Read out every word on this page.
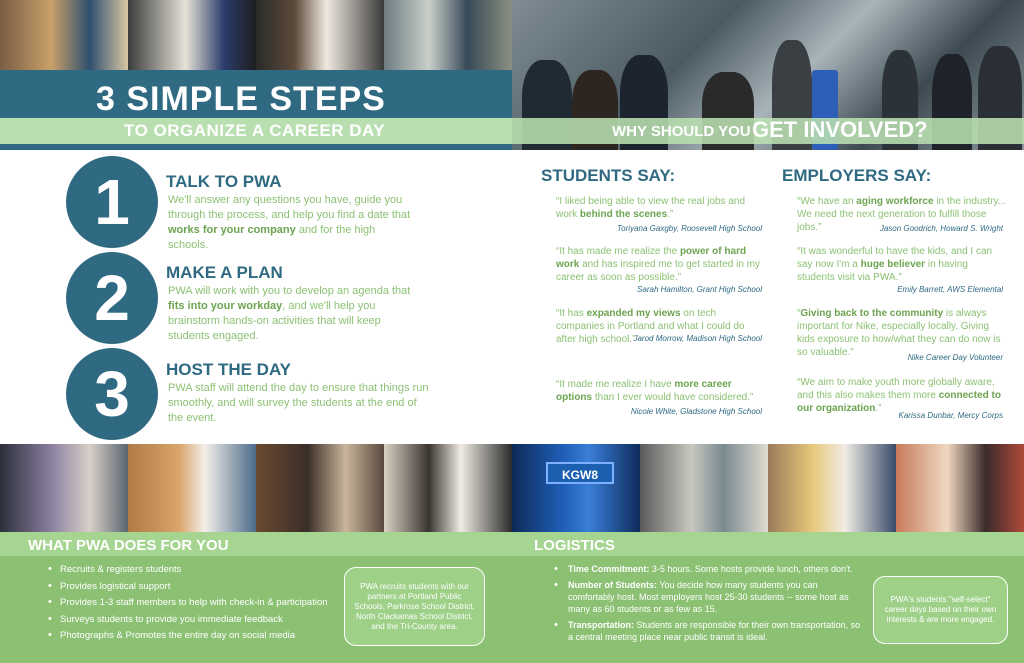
3 SIMPLE STEPS
TO ORGANIZE A CAREER DAY	WHY SHOULD YOU GET INVOLVED?
1	TALK TO PWA
We'll answer any questions you have, guide you through the process, and help you find a date that works for your company and for the high schools.
2	MAKE A PLAN
PWA will work with you to develop an agenda that fits into your workday, and we'll help you brainstorm hands-on activities that will keep students engaged.
3	HOST THE DAY
PWA staff will attend the day to ensure that things run smoothly, and will survey the students at the end of the event.
STUDENTS SAY:
“I liked being able to view the real jobs and work behind the scenes.”
Toriyana Gaxgby, Roosevelt High School
“It has made me realize the power of hard work and has inspired me to get started in my career as soon as possible.”
Sarah Hamilton, Grant High School
“It has expanded my views on tech companies in Portland and what I could do after high school.”
Jarod Morrow, Madison High School
“It made me realize I have more career options than I ever would have considered.”
Nicole White, Gladstone High School
EMPLOYERS SAY:
“We have an aging workforce in the industry... We need the next generation to fulfill those jobs.”	Jason Goodrich, Howard S. Wright
“It was wonderful to have the kids, and I can say now I'm a huge believer in having students visit via PWA.”
Emily Barrett, AWS Elemental
“Giving back to the community is always important for Nike, especially locally. Giving kids exposure to how/what they can do now is so valuable.”	Nike Career Day Volunteer
“We aim to make youth more globally aware, and this also makes them more connected to our organization.”
Karissa Dunbar, Mercy Corps
KGW8
WHAT PWA DOES FOR YOU
• Recruits & registers students
• Provides logistical support
• Provides 1-3 staff members to help with check-in & participation
• Surveys students to provide you immediate feedback
• Photographs & Promotes the entire day on social media
PWA recruits students with our partners at Portland Public Schools, Parkrose School District, North Clackamas School District, and the Tri-County area.
LOGISTICS
• Time Commitment: 3-5 hours. Some hosts provide lunch, others don't.
• Number of Students: You decide how many students you can comfortably host. Most employers host 25-30 students -- some host as many as 60 students or as few as 15.
• Transportation: Students are responsible for their own transportation, so a central meeting place near public transit is ideal.
PWA's students "self-select" career days based on their own interests & are more engaged.
